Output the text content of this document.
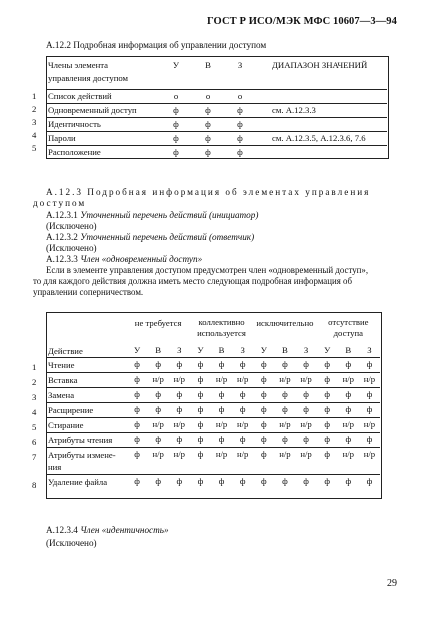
ГОСТ Р ИСО/МЭК МФС 10607—3—94
А.12.2 Подробная информация об управлении доступом
Члены элемента
управления доступом	У	В	З	ДИАПАЗОН ЗНАЧЕНИЙ
Список действий	о	о	о	
Одновременный доступ	ф	ф	ф	см. А.12.3.3
Идентичность	ф	ф	ф	
Пароли	ф	ф	ф	см. А.12.3.5, А.12.3.6, 7.6
Расположение	ф	ф	ф	
1
2
3
4
5
А.12.3 Подробная информация об элементах управления
доступом
А.12.3.1 Уточненный перечень действий (инициатор)
(Исключено)
А.12.3.2 Уточненный перечень действий (ответчик)
(Исключено)
А.12.3.3 Член «одновременный доступ»
Если в элементе управления доступом предусмотрен член «одновременный доступ»,
то для каждого действия должна иметь место следующая подробная информация об
управлении соперничеством.
	не требуется			коллективно
используется			исключительно			отсутствие
доступа		
Действие	У	В	З	У	В	З	У	В	З	У	В	З
Чтение	ф	ф	ф	ф	ф	ф	ф	ф	ф	ф	ф	ф
Вставка	ф	н/р	н/р	ф	н/р	н/р	ф	н/р	н/р	ф	н/р	н/р
Замена	ф	ф	ф	ф	ф	ф	ф	ф	ф	ф	ф	ф
Расщирение	ф	ф	ф	ф	ф	ф	ф	ф	ф	ф	ф	ф
Стирание	ф	н/р	н/р	ф	н/р	н/р	ф	н/р	н/р	ф	н/р	н/р
Атрибуты чтения	ф	ф	ф	ф	ф	ф	ф	ф	ф	ф	ф	ф
Атрибуты измене-
ния	ф	н/р	н/р	ф	н/р	н/р	ф	н/р	н/р	ф	н/р	н/р
Удаление файла	ф	ф	ф	ф	ф	ф	ф	ф	ф	ф	ф	ф
1
2
3
4
5
6
7
8
А.12.3.4 Член «идентичность»
(Исключено)
29
